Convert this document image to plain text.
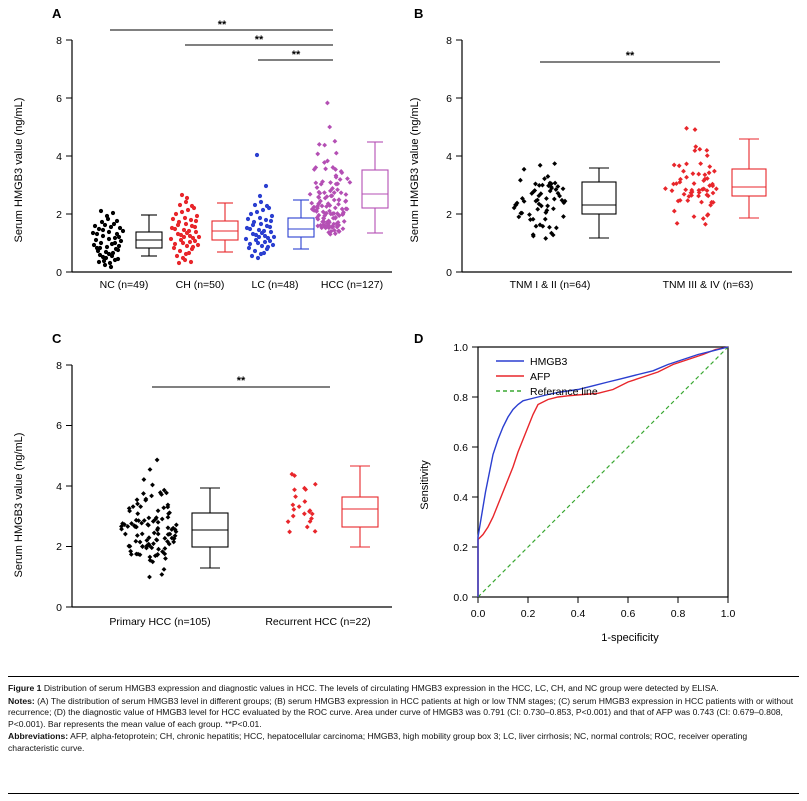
A
Serum HMGB3 value (ng/mL)
0
2
4
6
8
**
**
**
NC (n=49)	CH (n=50)	LC (n=48) HCC (n=127)
B
Serum HMGB3 value (ng/mL)
0
2
4
6
8
**
TNM I & II (n=64)	TNM III & IV (n=63)
C
Serum HMGB3 value (ng/mL)
0
2
4
6
8
**
Primary HCC (n=105)	Recurrent HCC (n=22)
D
Sensitivity
1-specificity
0.0
0.2
0.4
0.6
0.8
1.0
0.0	0.2	0.4	0.6	0.8	1.0
HMGB3
AFP
Referance line

Figure 1 Distribution of serum HMGB3 expression and diagnostic values in HCC. The levels of circulating HMGB3 expression in the HCC, LC, CH, and NC group were detected by ELISA.

Notes: (A) The distribution of serum HMGB3 level in different groups; (B) serum HMGB3 expression in HCC patients at high or low TNM stages; (C) serum HMGB3 expression in HCC patients with or without recurrence; (D) the diagnostic value of HMGB3 level for HCC evaluated by the ROC curve. Area under curve of HMGB3 was 0.791 (CI: 0.730–0.853, P<0.001) and that of AFP was 0.743 (CI: 0.679–0.808, P<0.001). Bar represents the mean value of each group. **P<0.01.

Abbreviations: AFP, alpha-fetoprotein; CH, chronic hepatitis; HCC, hepatocellular carcinoma; HMGB3, high mobility group box 3; LC, liver cirrhosis; NC, normal controls; ROC, receiver operating characteristic curve.
